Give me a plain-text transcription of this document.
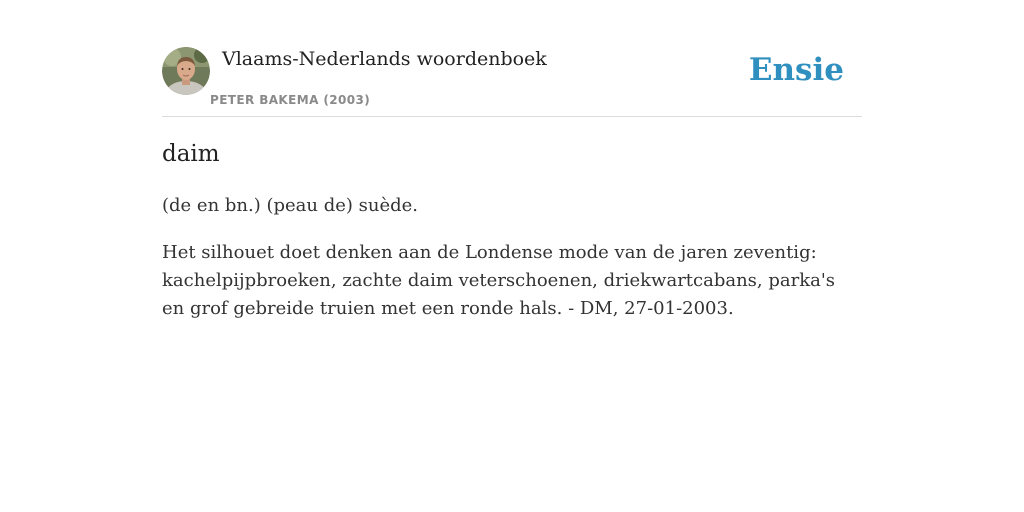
Vlaams-Nederlands woordenboek
PETER BAKEMA (2003)
Ensie
daim

(de en bn.) (peau de) suède.

Het silhouet doet denken aan de Londense mode van de jaren zeventig: kachelpijpbroeken, zachte daim veterschoenen, driekwartcabans, parka's en grof gebreide truien met een ronde hals. - DM, 27-01-2003.
